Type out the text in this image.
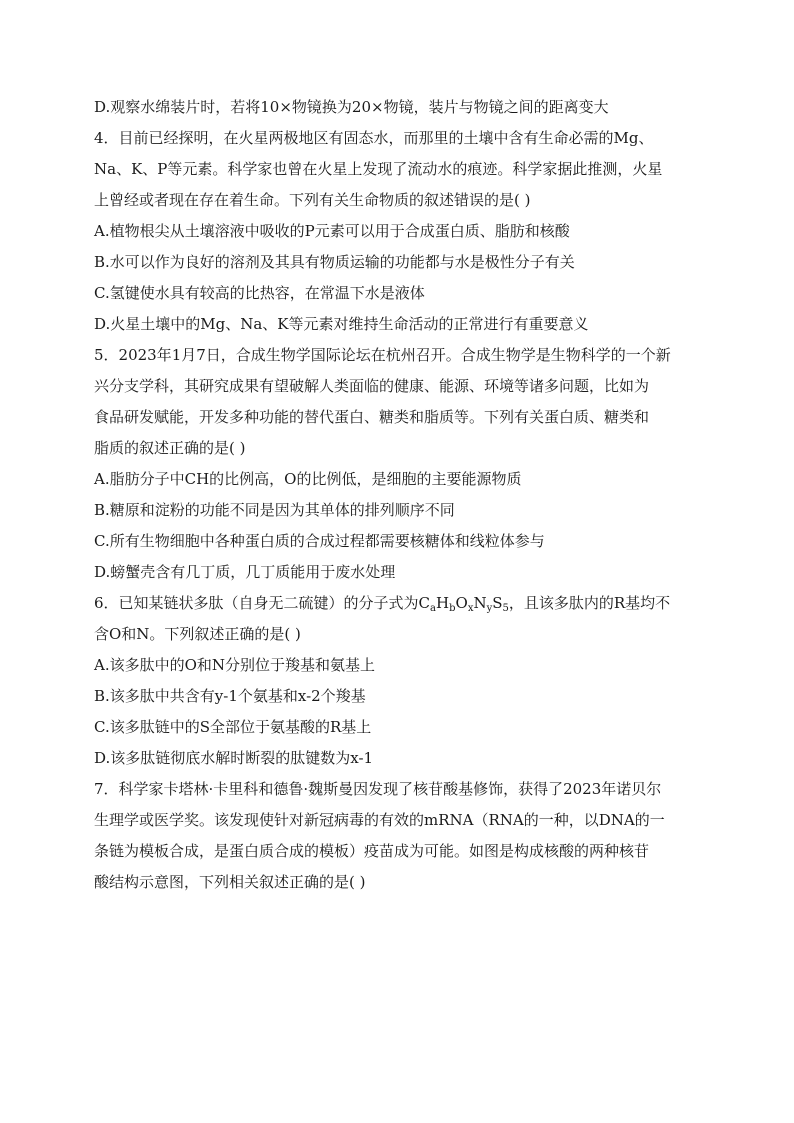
D.观察水绵装片时，若将10×物镜换为20×物镜，装片与物镜之间的距离变大
4．目前已经探明，在火星两极地区有固态水，而那里的土壤中含有生命必需的Mg、
Na、K、P等元素。科学家也曾在火星上发现了流动水的痕迹。科学家据此推测，火星
上曾经或者现在存在着生命。下列有关生命物质的叙述错误的是( )
A.植物根尖从土壤溶液中吸收的P元素可以用于合成蛋白质、脂肪和核酸
B.水可以作为良好的溶剂及其具有物质运输的功能都与水是极性分子有关
C.氢键使水具有较高的比热容，在常温下水是液体
D.火星土壤中的Mg、Na、K等元素对维持生命活动的正常进行有重要意义
5．2023年1月7日，合成生物学国际论坛在杭州召开。合成生物学是生物科学的一个新
兴分支学科，其研究成果有望破解人类面临的健康、能源、环境等诸多问题，比如为
食品研发赋能，开发多种功能的替代蛋白、糖类和脂质等。下列有关蛋白质、糖类和
脂质的叙述正确的是( )
A.脂肪分子中CH的比例高，O的比例低，是细胞的主要能源物质
B.糖原和淀粉的功能不同是因为其单体的排列顺序不同
C.所有生物细胞中各种蛋白质的合成过程都需要核糖体和线粒体参与
D.螃蟹壳含有几丁质，几丁质能用于废水处理
6．已知某链状多肽（自身无二硫键）的分子式为$C_aH_bO_xN_yS_5$，且该多肽内的R基均不
含O和N。下列叙述正确的是( )
A.该多肽中的O和N分别位于羧基和氨基上
B.该多肽中共含有y-1个氨基和x-2个羧基
C.该多肽链中的S全部位于氨基酸的R基上
D.该多肽链彻底水解时断裂的肽键数为x-1
7．科学家卡塔林·卡里科和德鲁·魏斯曼因发现了核苷酸基修饰，获得了2023年诺贝尔
生理学或医学奖。该发现使针对新冠病毒的有效的mRNA（RNA的一种，以DNA的一
条链为模板合成，是蛋白质合成的模板）疫苗成为可能。如图是构成核酸的两种核苷
酸结构示意图，下列相关叙述正确的是( )
